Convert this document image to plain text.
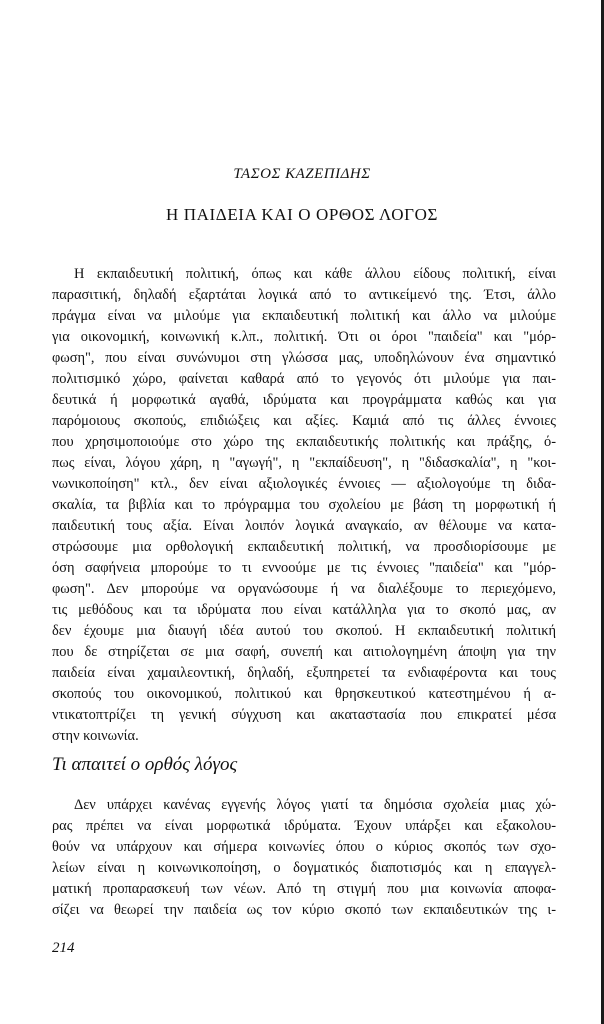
ΤΑΣΟΣ ΚΑΖΕΠΙΔΗΣ
Η ΠΑΙΔΕΙΑ ΚΑΙ Ο ΟΡΘΟΣ ΛΟΓΟΣ

Η εκπαιδευτική πολιτική, όπως και κάθε άλλου είδους πολιτική, είναι
παρασιτική, δηλαδή εξαρτάται λογικά από το αντικείμενό της. Έτσι, άλλο
πράγμα είναι να μιλούμε για εκπαιδευτική πολιτική και άλλο να μιλούμε
για οικονομική, κοινωνική κ.λπ., πολιτική. Ότι οι όροι "παιδεία" και "μόρ-
φωση", που είναι συνώνυμοι στη γλώσσα μας, υποδηλώνουν ένα σημαντικό
πολιτισμικό χώρο, φαίνεται καθαρά από το γεγονός ότι μιλούμε για παι-
δευτικά ή μορφωτικά αγαθά, ιδρύματα και προγράμματα καθώς και για
παρόμοιους σκοπούς, επιδιώξεις και αξίες. Καμιά από τις άλλες έννοιες
που χρησιμοποιούμε στο χώρο της εκπαιδευτικής πολιτικής και πράξης, ό-
πως είναι, λόγου χάρη, η "αγωγή", η "εκπαίδευση", η "διδασκαλία", η "κοι-
νωνικοποίηση" κτλ., δεν είναι αξιολογικές έννοιες — αξιολογούμε τη διδα-
σκαλία, τα βιβλία και το πρόγραμμα του σχολείου με βάση τη μορφωτική ή
παιδευτική τους αξία. Είναι λοιπόν λογικά αναγκαίο, αν θέλουμε να κατα-
στρώσουμε μια ορθολογική εκπαιδευτική πολιτική, να προσδιορίσουμε με
όση σαφήνεια μπορούμε το τι εννοούμε με τις έννοιες "παιδεία" και "μόρ-
φωση". Δεν μπορούμε να οργανώσουμε ή να διαλέξουμε το περιεχόμενο,
τις μεθόδους και τα ιδρύματα που είναι κατάλληλα για το σκοπό μας, αν
δεν έχουμε μια διαυγή ιδέα αυτού του σκοπού. Η εκπαιδευτική πολιτική
που δε στηρίζεται σε μια σαφή, συνεπή και αιτιολογημένη άποψη για την
παιδεία είναι χαμαιλεοντική, δηλαδή, εξυπηρετεί τα ενδιαφέροντα και τους
σκοπούς του οικονομικού, πολιτικού και θρησκευτικού κατεστημένου ή α-
ντικατοπτρίζει τη γενική σύγχυση και ακαταστασία που επικρατεί μέσα
στην κοινωνία.

Τι απαιτεί ο ορθός λόγος

Δεν υπάρχει κανένας εγγενής λόγος γιατί τα δημόσια σχολεία μιας χώ-
ρας πρέπει να είναι μορφωτικά ιδρύματα. Έχουν υπάρξει και εξακολου-
θούν να υπάρχουν και σήμερα κοινωνίες όπου ο κύριος σκοπός των σχο-
λείων είναι η κοινωνικοποίηση, ο δογματικός διαποτισμός και η επαγγελ-
ματική προπαρασκευή των νέων. Από τη στιγμή που μια κοινωνία αποφα-
σίζει να θεωρεί την παιδεία ως τον κύριο σκοπό των εκπαιδευτικών της ι-

214
